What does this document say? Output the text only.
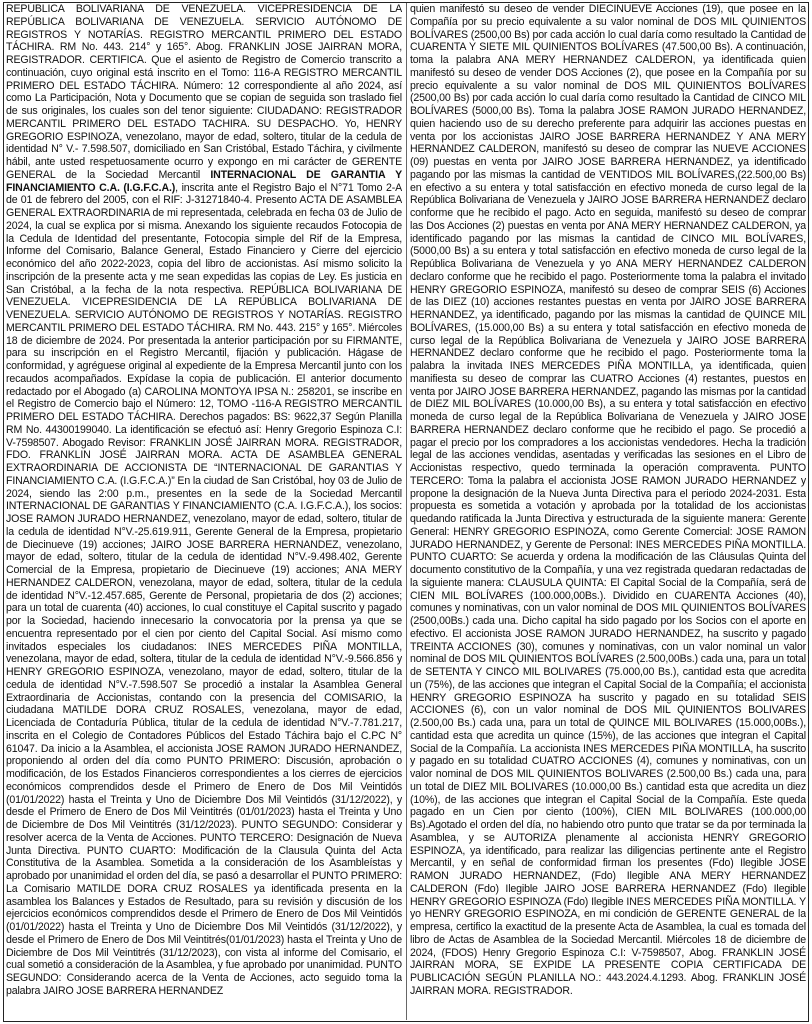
REPÚBLICA BOLIVARIANA DE VENEZUELA. VICEPRESIDENCIA DE LA REPÚBLICA BOLIVARIANA DE VENEZUELA. SERVICIO AUTÓNOMO DE REGISTROS Y NOTARÍAS. REGISTRO MERCANTIL PRIMERO DEL ESTADO TÁCHIRA. RM No. 443. 214° y 165°. Abog. FRANKLIN JOSE JAIRRAN MORA, REGISTRADOR. CERTIFICA. Que el asiento de Registro de Comercio transcrito a continuación, cuyo original está inscrito en el Tomo: 116-A REGISTRO MERCANTIL PRIMERO DEL ESTADO TÁCHIRA. Número: 12 correspondiente al año 2024, así como La Participación, Nota y Documento que se copian de seguida son traslado fiel de sus originales, los cuales son del tenor siguiente: CIUDADANO: REGISTRADOR MERCANTIL PRIMERO DEL ESTADO TACHIRA. SU DESPACHO. Yo, HENRY GREGORIO ESPINOZA, venezolano, mayor de edad, soltero, titular de la cedula de identidad N° V.- 7.598.507, domiciliado en San Cristóbal, Estado Táchira, y civilmente hábil, ante usted respetuosamente ocurro y expongo en mi carácter de GERENTE GENERAL de la Sociedad Mercantil INTERNACIONAL DE GARANTIA Y FINANCIAMIENTO C.A. (I.G.F.C.A.), inscrita ante el Registro Bajo el N°71 Tomo 2-A de 01 de febrero del 2005, con el RIF: J-31271840-4. Presento ACTA DE ASAMBLEA GENERAL EXTRAORDINARIA de mi representada, celebrada en fecha 03 de Julio de 2024, la cual se explica por si misma. Anexando los siguiente recaudos Fotocopia de la Cedula de Identidad del presentante, Fotocopia simple del Rif de la Empresa, Informe del Comisario, Balance General, Estado Financiero y Cierre del ejercicio económico del año 2022-2023, copia del libro de accionistas. Así mismo solicito la inscripción de la presente acta y me sean expedidas las copias de Ley. Es justicia en San Cristóbal, a la fecha de la nota respectiva. REPÚBLICA BOLIVARIANA DE VENEZUELA. VICEPRESIDENCIA DE LA REPÚBLICA BOLIVARIANA DE VENEZUELA. SERVICIO AUTÓNOMO DE REGISTROS Y NOTARÍAS. REGISTRO MERCANTIL PRIMERO DEL ESTADO TÁCHIRA. RM No. 443. 215° y 165°. Miércoles 18 de diciembre de 2024. Por presentada la anterior participación por su FIRMANTE, para su inscripción en el Registro Mercantil, fijación y publicación. Hágase de conformidad, y agréguese original al expediente de la Empresa Mercantil junto con los recaudos acompañados. Expídase la copia de publicación. El anterior documento redactado por el Abogado (a) CAROLINA MONTOYA IPSA N.: 258201, se inscribe en el Registro de Comercio bajo el Número: 12, TOMO -116-A REGISTRO MERCANTIL PRIMERO DEL ESTADO TÁCHIRA. Derechos pagados: BS: 9622,37 Según Planilla RM No. 44300199040. La identificación se efectuó así: Henry Gregorio Espinoza C.I: V-7598507. Abogado Revisor: FRANKLIN JOSÉ JAIRRAN MORA. REGISTRADOR, FDO. FRANKLIN JOSÉ JAIRRAN MORA. ACTA DE ASAMBLEA GENERAL EXTRAORDINARIA DE ACCIONISTA DE “INTERNACIONAL DE GARANTIAS Y FINANCIAMIENTO C.A. (I.G.F.C.A.)” En la ciudad de San Cristóbal, hoy 03 de Julio de 2024, siendo las 2:00 p.m., presentes en la sede de la Sociedad Mercantil INTERNACIONAL DE GARANTIAS Y FINANCIAMIENTO (C.A. I.G.F.C.A.), los socios: JOSE RAMON JURADO HERNANDEZ, venezolano, mayor de edad, soltero, titular de la cedula de identidad N°V.-25.619.911, Gerente General de la Empresa, propietario de Diecinueve (19) acciones; JAIRO JOSE BARRERA HERNANDEZ, venezolano, mayor de edad, soltero, titular de la cedula de identidad N°V.-9.498.402, Gerente Comercial de la Empresa, propietario de Diecinueve (19) acciones; ANA MERY HERNANDEZ CALDERON, venezolana, mayor de edad, soltera, titular de la cedula de identidad N°V.-12.457.685, Gerente de Personal, propietaria de dos (2) acciones; para un total de cuarenta (40) acciones, lo cual constituye el Capital suscrito y pagado por la Sociedad, haciendo innecesario la convocatoria por la prensa ya que se encuentra representado por el cien por ciento del Capital Social. Así mismo como invitados especiales los ciudadanos: INES MERCEDES PIÑA MONTILLA, venezolana, mayor de edad, soltera, titular de la cedula de identidad N°V.-9.566.856 y HENRY GREGORIO ESPINOZA, venezolano, mayor de edad, soltero, titular de la cedula de identidad N°V.-7.598.507 Se procedió a instalar la Asamblea General Extraordinaria de Accionistas, contando con la presencia del COMISARIO, la ciudadana MATILDE DORA CRUZ ROSALES, venezolana, mayor de edad, Licenciada de Contaduría Pública, titular de la cedula de identidad N°V.-7.781.217, inscrita en el Colegio de Contadores Públicos del Estado Táchira bajo el C.PC N° 61047. Da inicio a la Asamblea, el accionista JOSE RAMON JURADO HERNANDEZ, proponiendo al orden del día como PUNTO PRIMERO: Discusión, aprobación o modificación, de los Estados Financieros correspondientes a los cierres de ejercicios económicos comprendidos desde el Primero de Enero de Dos Mil Veintidós (01/01/2022) hasta el Treinta y Uno de Diciembre Dos Mil Veintidós (31/12/2022), y desde el Primero de Enero de Dos Mil Veintitrés (01/01/2023) hasta el Treinta y Uno de Diciembre de Dos Mil Veintitrés (31/12/2023). PUNTO SEGUNDO: Considerar y resolver acerca de la Venta de Acciones. PUNTO TERCERO: Designación de Nueva Junta Directiva. PUNTO CUARTO: Modificación de la Clausula Quinta del Acta Constitutiva de la Asamblea. Sometida a la consideración de los Asambleístas y aprobado por unanimidad el orden del día, se pasó a desarrollar el PUNTO PRIMERO: La Comisario MATILDE DORA CRUZ ROSALES ya identificada presenta en la asamblea los Balances y Estados de Resultado, para su revisión y discusión de los ejercicios económicos comprendidos desde el Primero de Enero de Dos Mil Veintidós (01/01/2022) hasta el Treinta y Uno de Diciembre Dos Mil Veintidós (31/12/2022), y desde el Primero de Enero de Dos Mil Veintitrés(01/01/2023) hasta el Treinta y Uno de Diciembre de Dos Mil Veintitrés (31/12/2023), con vista al informe del Comisario, el cual sometió a consideración de la Asamblea, y fue aprobado por unanimidad. PUNTO SEGUNDO: Considerando acerca de la Venta de Acciones, acto seguido toma la palabra JAIRO JOSE BARRERA HERNANDEZ
quien manifestó su deseo de vender DIECINUEVE Acciones (19), que posee en la Compañía por su precio equivalente a su valor nominal de DOS MIL QUINIENTOS BOLÍVARES (2500,00 Bs) por cada acción lo cual daría como resultado la Cantidad de CUARENTA Y SIETE MIL QUINIENTOS BOLÍVARES (47.500,00 Bs). A continuación, toma la palabra ANA MERY HERNANDEZ CALDERON, ya identificada quien manifestó su deseo de vender DOS Acciones (2), que posee en la Compañía por su precio equivalente a su valor nominal de DOS MIL QUINIENTOS BOLÍVARES (2500,00 Bs) por cada acción lo cual daría como resultado la Cantidad de CINCO MIL BOLÍVARES (5000,00 Bs). Toma la palabra JOSE RAMON JURADO HERNANDEZ, quien haciendo uso de su derecho preferente para adquirir las acciones puestas en venta por los accionistas JAIRO JOSE BARRERA HERNANDEZ Y ANA MERY HERNANDEZ CALDERON, manifestó su deseo de comprar las NUEVE ACCIONES (09) puestas en venta por JAIRO JOSE BARRERA HERNANDEZ, ya identificado pagando por las mismas la cantidad de VENTIDOS MIL BOLÍVARES,(22.500,00 Bs) en efectivo a su entera y total satisfacción en efectivo moneda de curso legal de la República Bolivariana de Venezuela y JAIRO JOSE BARRERA HERNANDEZ declaro conforme que he recibido el pago. Acto en seguida, manifestó su deseo de comprar las Dos Acciones (2) puestas en venta por ANA MERY HERNANDEZ CALDERON, ya identificado pagando por las mismas la cantidad de CINCO MIL BOLÍVARES, (5000,00 Bs) a su entera y total satisfacción en efectivo moneda de curso legal de la República Bolivariana de Venezuela y yo ANA MERY HERNANDEZ CALDERON declaro conforme que he recibido el pago. Posteriormente toma la palabra el invitado HENRY GREGORIO ESPINOZA, manifestó su deseo de comprar SEIS (6) Acciones de las DIEZ (10) acciones restantes puestas en venta por JAIRO JOSE BARRERA HERNANDEZ, ya identificado, pagando por las mismas la cantidad de QUINCE MIL BOLÍVARES, (15.000,00 Bs) a su entera y total satisfacción en efectivo moneda de curso legal de la República Bolivariana de Venezuela y JAIRO JOSE BARRERA HERNANDEZ declaro conforme que he recibido el pago. Posteriormente toma la palabra la invitada INES MERCEDES PIÑA MONTILLA, ya identificada, quien manifiesta su deseo de comprar las CUATRO Acciones (4) restantes, puestos en venta por JAIRO JOSE BARRERA HERNANDEZ, pagando las mismas por la cantidad de DIEZ MIL BOLÍVARES (10.000,00 Bs), a su entera y total satisfacción en efectivo moneda de curso legal de la República Bolivariana de Venezuela y JAIRO JOSE BARRERA HERNANDEZ declaro conforme que he recibido el pago. Se procedió a pagar el precio por los compradores a los accionistas vendedores. Hecha la tradición legal de las acciones vendidas, asentadas y verificadas las sesiones en el Libro de Accionistas respectivo, quedo terminada la operación compraventa. PUNTO TERCERO: Toma la palabra el accionista JOSE RAMON JURADO HERNANDEZ y propone la designación de la Nueva Junta Directiva para el periodo 2024-2031. Esta propuesta es sometida a votación y aprobada por la totalidad de los accionistas quedando ratificada la Junta Directiva y estructurada de la siguiente manera: Gerente General: HENRY GREGORIO ESPINOZA, como Gerente Comercial: JOSE RAMON JURADO HERNANDEZ, y Gerente de Personal: INES MERCEDES PIÑA MONTILLA. PUNTO CUARTO: Se acuerda y ordena la modificación de las Cláusulas Quinta del documento constitutivo de la Compañía, y una vez registrada quedaran redactadas de la siguiente manera: CLAUSULA QUINTA: El Capital Social de la Compañía, será de CIEN MIL BOLÍVARES (100.000,00Bs.). Dividido en CUARENTA Acciones (40), comunes y nominativas, con un valor nominal de DOS MIL QUINIENTOS BOLÍVARES (2500,00Bs.) cada una. Dicho capital ha sido pagado por los Socios con el aporte en efectivo. El accionista JOSE RAMON JURADO HERNANDEZ, ha suscrito y pagado TREINTA ACCIONES (30), comunes y nominativas, con un valor nominal un valor nominal de DOS MIL QUINIENTOS BOLÍVARES (2.500,00Bs.) cada una, para un total de SETENTA Y CINCO MIL BOLIVARES (75.000,00 Bs.), cantidad esta que acredita un (75%), de las acciones que integran el Capital Social de la Compañía; el accionista HENRY GREGORIO ESPINOZA ha suscrito y pagado en su totalidad SEIS ACCIONES (6), con un valor nominal de DOS MIL QUINIENTOS BOLIVARES (2.500,00 Bs.) cada una, para un total de QUINCE MIL BOLIVARES (15.000,00Bs.), cantidad esta que acredita un quince (15%), de las acciones que integran el Capital Social de la Compañía. La accionista INES MERCEDES PIÑA MONTILLA, ha suscrito y pagado en su totalidad CUATRO ACCIONES (4), comunes y nominativas, con un valor nominal de DOS MIL QUINIENTOS BOLIVARES (2.500,00 Bs.) cada una, para un total de DIEZ MIL BOLIVARES (10.000,00 Bs.) cantidad esta que acredita un diez (10%), de las acciones que integran el Capital Social de la Compañía. Este queda pagado en un Cien por ciento (100%), CIEN MIL BOLIVARES (100.000,00 Bs).Agotado el orden del día, no habiendo otro punto que tratar se da por terminada la Asamblea, y se AUTORIZA plenamente al accionista HENRY GREGORIO ESPINOZA, ya identificado, para realizar las diligencias pertinente ante el Registro Mercantil, y en señal de conformidad firman los presentes (Fdo) Ilegible JOSE RAMON JURADO HERNANDEZ, (Fdo) Ilegible ANA MERY HERNANDEZ CALDERON (Fdo) Ilegible JAIRO JOSE BARRERA HERNANDEZ (Fdo) Ilegible HENRY GREGORIO ESPINOZA (Fdo) Ilegible INES MERCEDES PIÑA MONTILLA. Y yo HENRY GREGORIO ESPINOZA, en mi condición de GERENTE GENERAL de la empresa, certifico la exactitud de la presente Acta de Asamblea, la cual es tomada del libro de Actas de Asamblea de la Sociedad Mercantil. Miércoles 18 de diciembre de 2024, (FDOS) Henry Gregorio Espinoza C.I: V-7598507, Abog. FRANKLIN JOSÉ JAIRRAN MORA, SE EXPIDE LA PRESENTE COPIA CERTIFICADA DE PUBLICACIÓN SEGÚN PLANILLA NO.: 443.2024.4.1293. Abog. FRANKLIN JOSÉ JAIRRAN MORA. REGISTRADOR.
